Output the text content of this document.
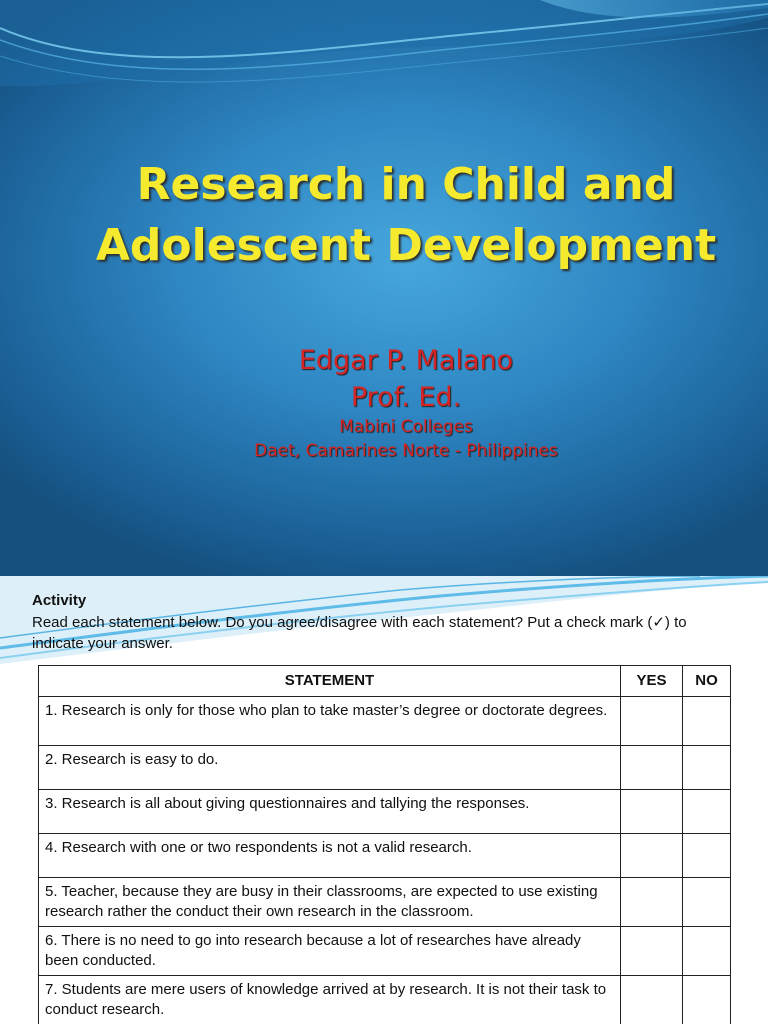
Research in Child and
Adolescent Development
Edgar P. Malano
Prof. Ed.
Mabini Colleges
Daet, Camarines Norte - Philippines
Activity
Read each statement below. Do you agree/disagree with each statement? Put a check mark (✓) to indicate your answer.
STATEMENT	YES	NO
1. Research is only for those who plan to take master’s degree or doctorate degrees.		
2. Research is easy to do.		
3. Research is all about giving questionnaires and tallying the responses.		
4. Research with one or two respondents is not a valid research.		
5. Teacher, because they are busy in their classrooms, are expected to use existing research rather the conduct their own research in the classroom.		
6. There is no need to go into research because a lot of researches have already been conducted.		
7. Students are mere users of knowledge arrived at by research. It is not their task to conduct research.		
